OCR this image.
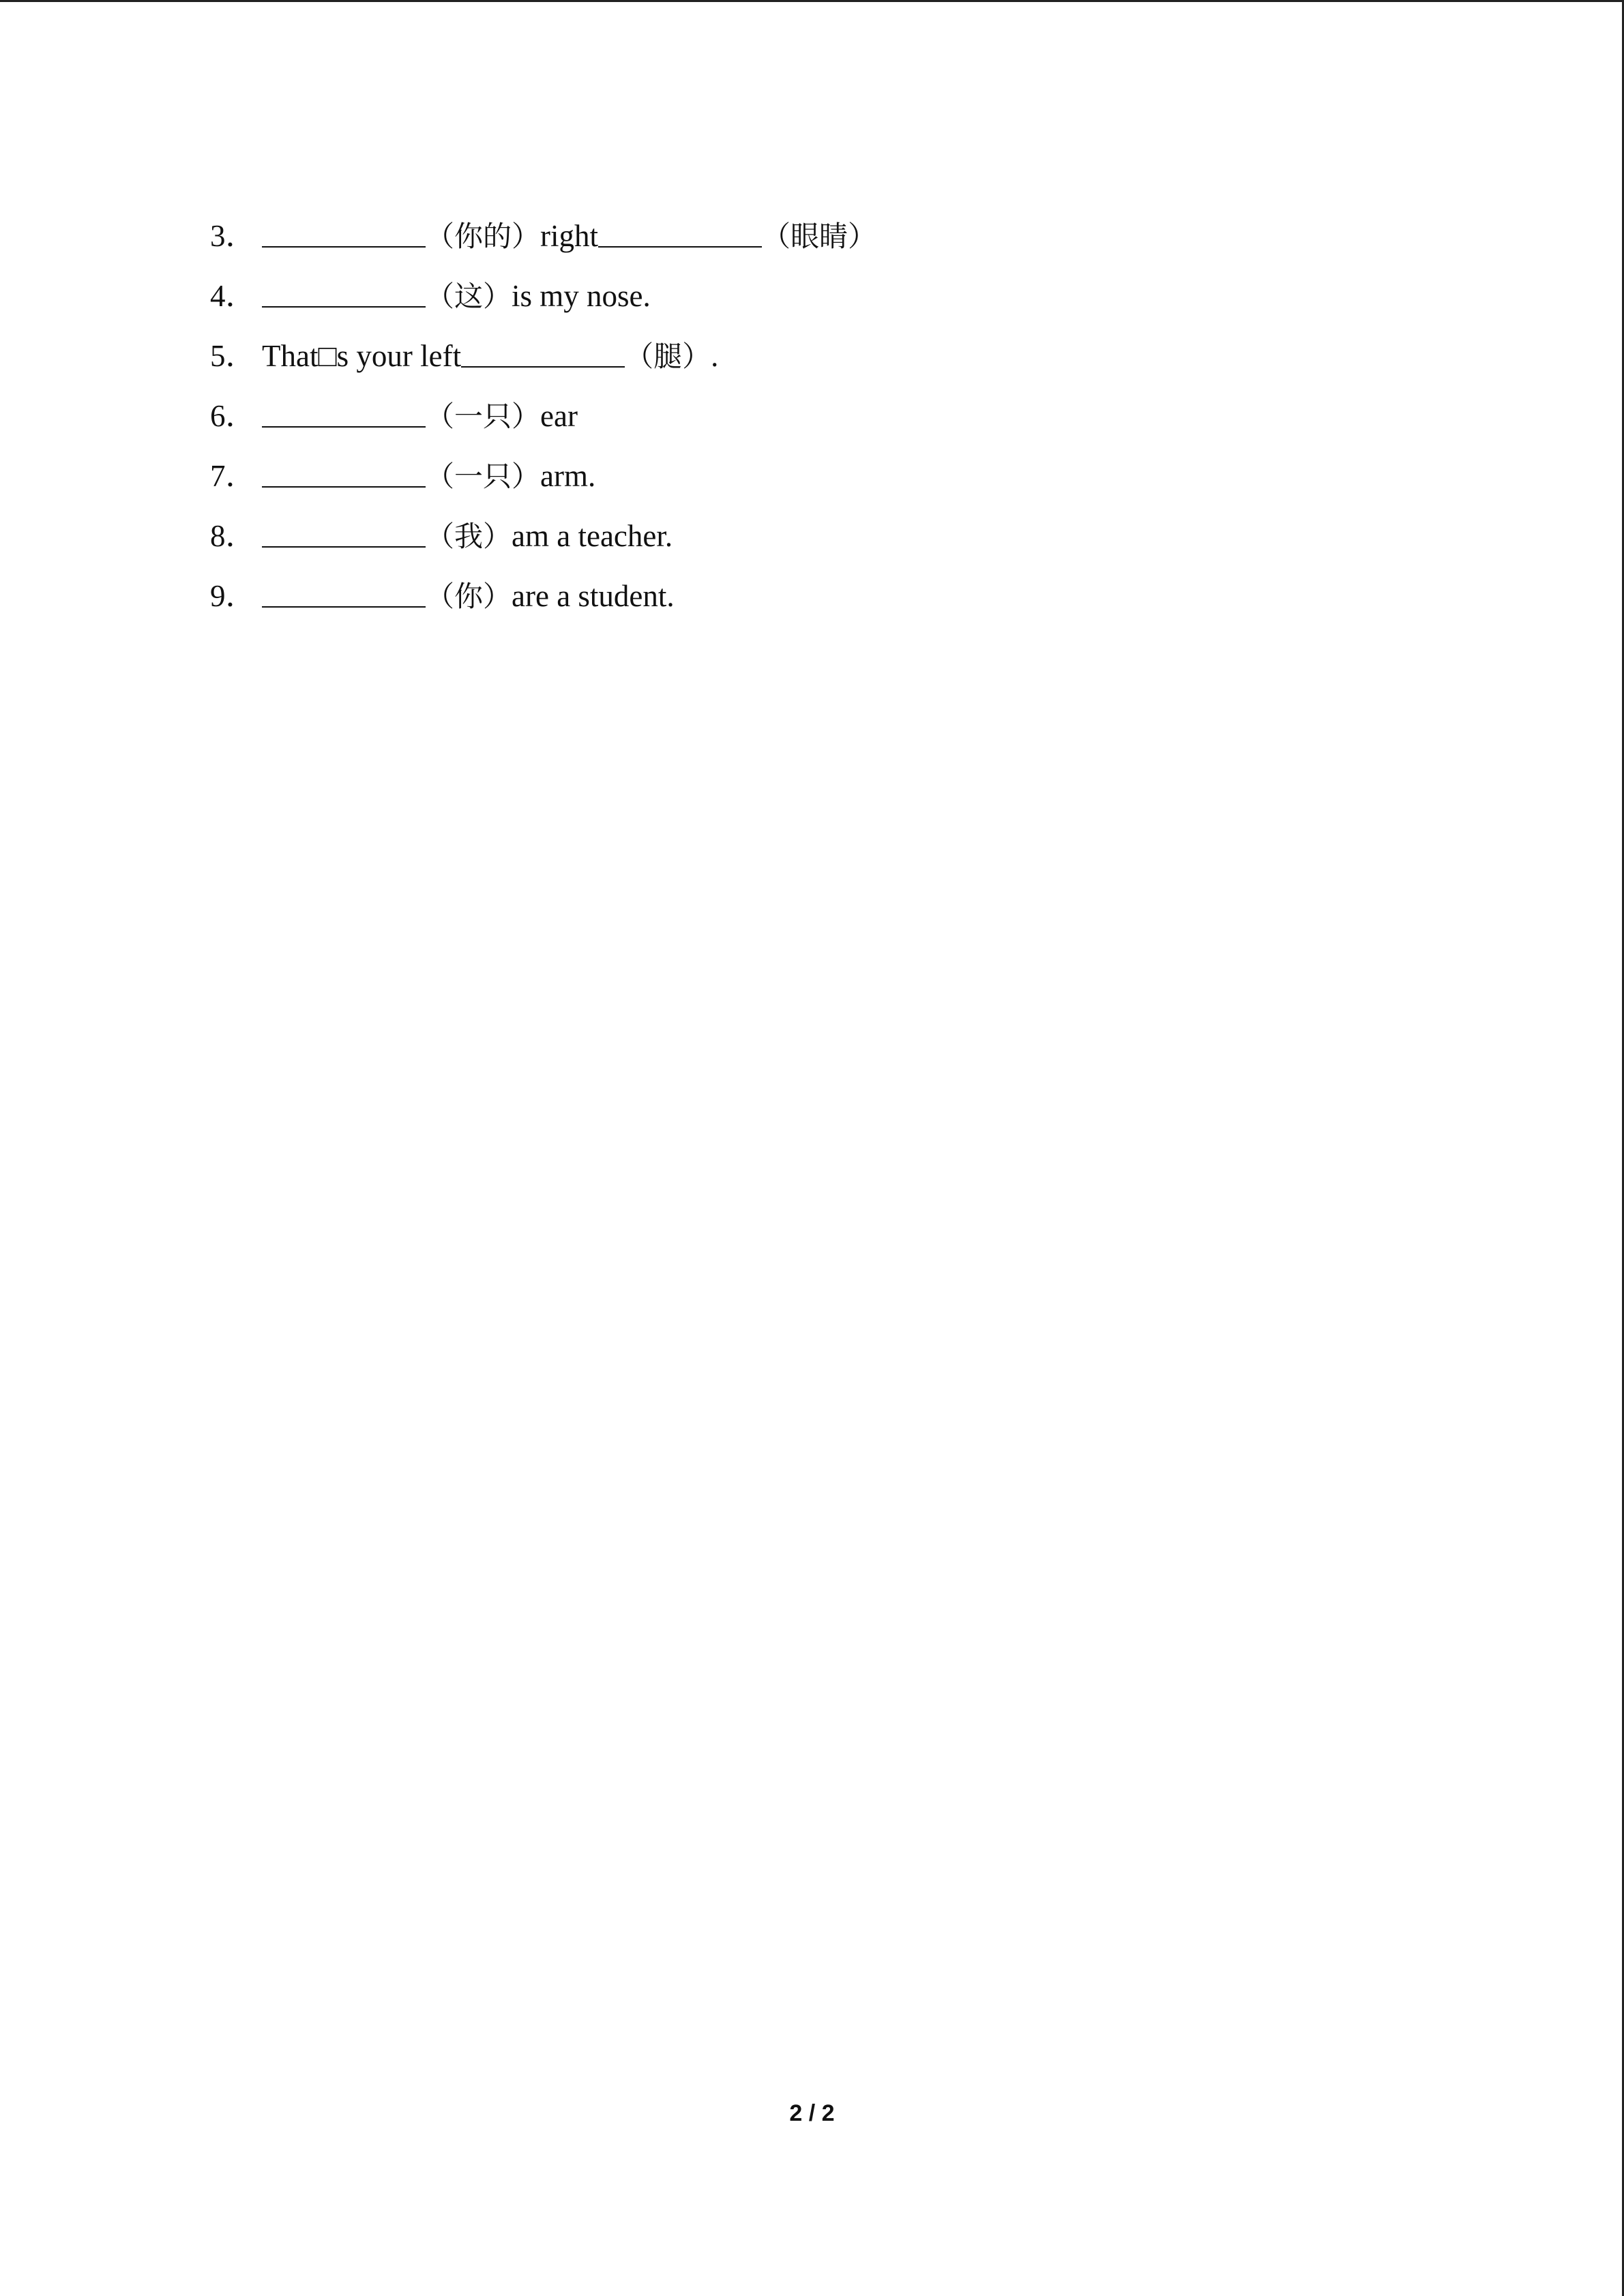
3．	（你的）right	（眼睛）
4．	（这）is my nose.
5． That□s your left	（腿）.
6．	（一只）ear
7．	（一只）arm.
8．	（我）am a teacher.
9．	（你）are a student.
2 / 2
